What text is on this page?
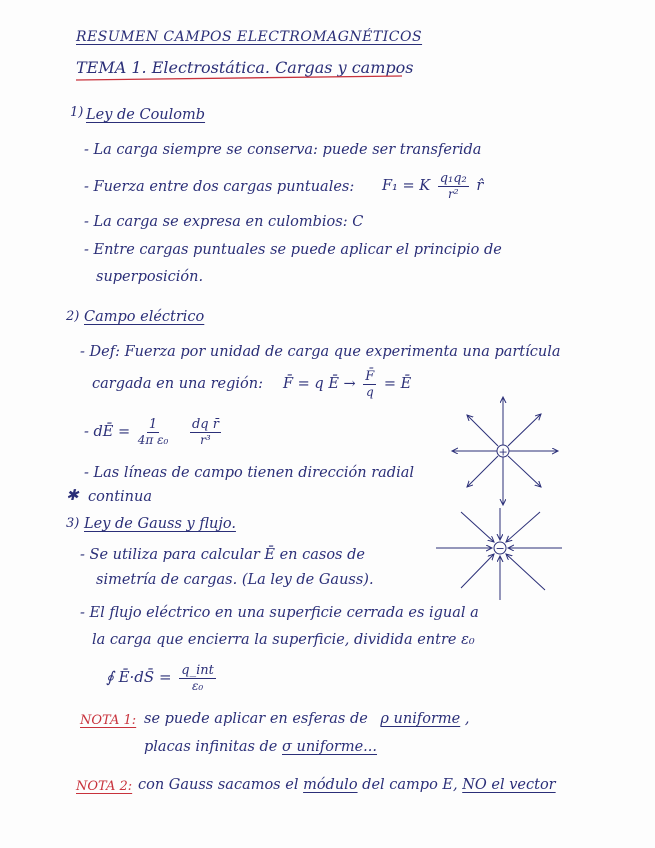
RESUMEN CAMPOS ELECTROMAGNÉTICOS
TEMA 1. Electrostática. Cargas y campos
1) Ley de Coulomb
- La carga siempre se conserva: puede ser transferida
- Fuerza entre dos cargas puntuales: F₁ = K $\frac{\text{q₁q₂}}{\text{r²}}$ r̂
- La carga se expresa en culombios: C
- Entre cargas puntuales se puede aplicar el principio de
superposición.
2) Campo eléctrico
- Def: Fuerza por unidad de carga que experimenta una partícula
cargada en una región: F̄ = q Ē → $\frac{F̄}{q}$ = Ē
- dĒ = $\frac{1}{\text{4π ε₀}}$
$\frac{\text{dq r̄}}{\text{r³}}$
- Las líneas de campo tienen dirección radial
✱ continua
3) Ley de Gauss y flujo.
- Se utiliza para calcular Ē en casos de
simetría de cargas. (La ley de Gauss).
- El flujo eléctrico en una superficie cerrada es igual a
la carga que encierra la superficie, dividida entre ε₀
∮ Ē·dS̄ = $\frac{\text{q\_int}}{\text{ε₀}}$
NOTA 1: se puede aplicar en esferas de ρ uniforme ,
placas infinitas de σ uniforme...
NOTA 2: con Gauss sacamos el módulo del campo E, NO el vector
+
−
